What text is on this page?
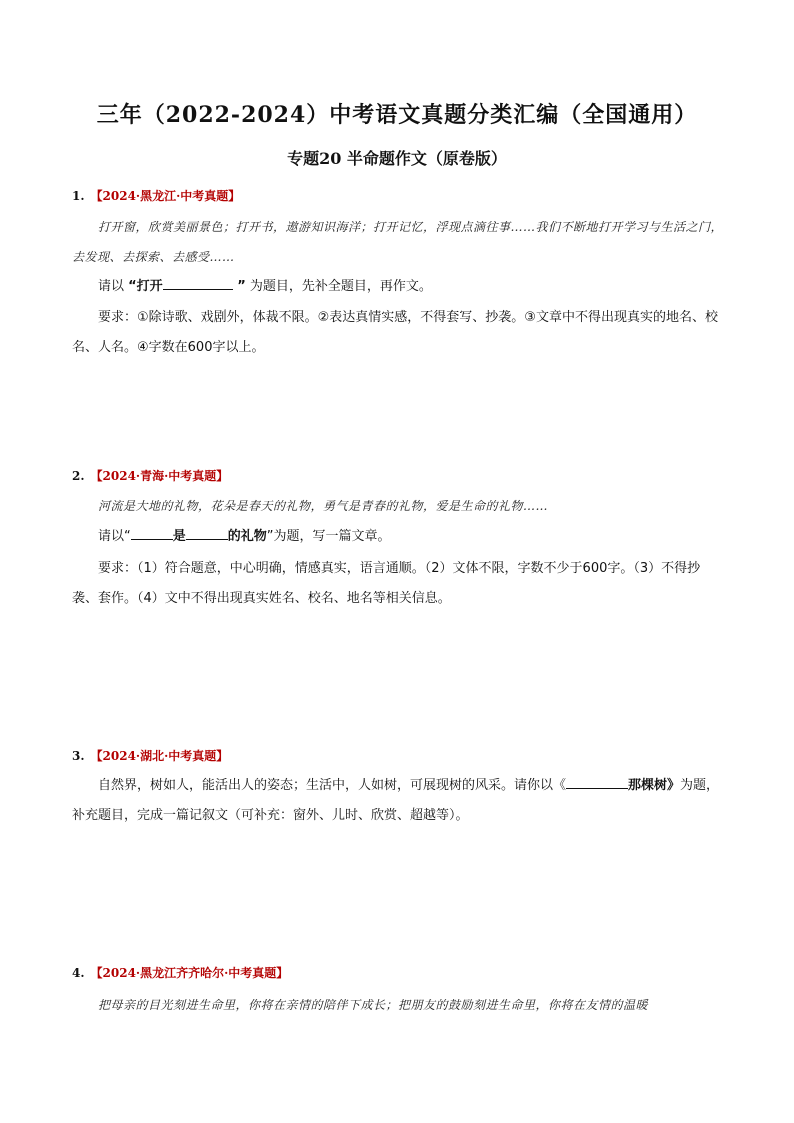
三年（2022-2024）中考语文真题分类汇编（全国通用）
专题20 半命题作文（原卷版）
1. 【2024·黑龙江·中考真题】

打开窗，欣赏美丽景色；打开书，遨游知识海洋；打开记忆，浮现点滴往事……我们不断地打开学习与生活之门，去发现、去探索、去感受……

请以 “打开	” 为题目，先补全题目，再作文。

要求：①除诗歌、戏剧外，体裁不限。②表达真情实感，不得套写、抄袭。③文章中不得出现真实的地名、校名、人名。④字数在600字以上。

2. 【2024·青海·中考真题】

河流是大地的礼物，花朵是春天的礼物，勇气是青春的礼物，爱是生命的礼物……

请以“	是	的礼物”为题，写一篇文章。

要求：（1）符合题意，中心明确，情感真实，语言通顺。（2）文体不限，字数不少于600字。（3）不得抄袭、套作。（4）文中不得出现真实姓名、校名、地名等相关信息。

3. 【2024·湖北·中考真题】

自然界，树如人，能活出人的姿态；生活中，人如树，可展现树的风采。请你以《	那棵树》为题，补充题目，完成一篇记叙文（可补充：窗外、儿时、欣赏、超越等）。

4. 【2024·黑龙江齐齐哈尔·中考真题】

把母亲的目光刻进生命里，你将在亲情的陪伴下成长；把朋友的鼓励刻进生命里，你将在友情的温暖
